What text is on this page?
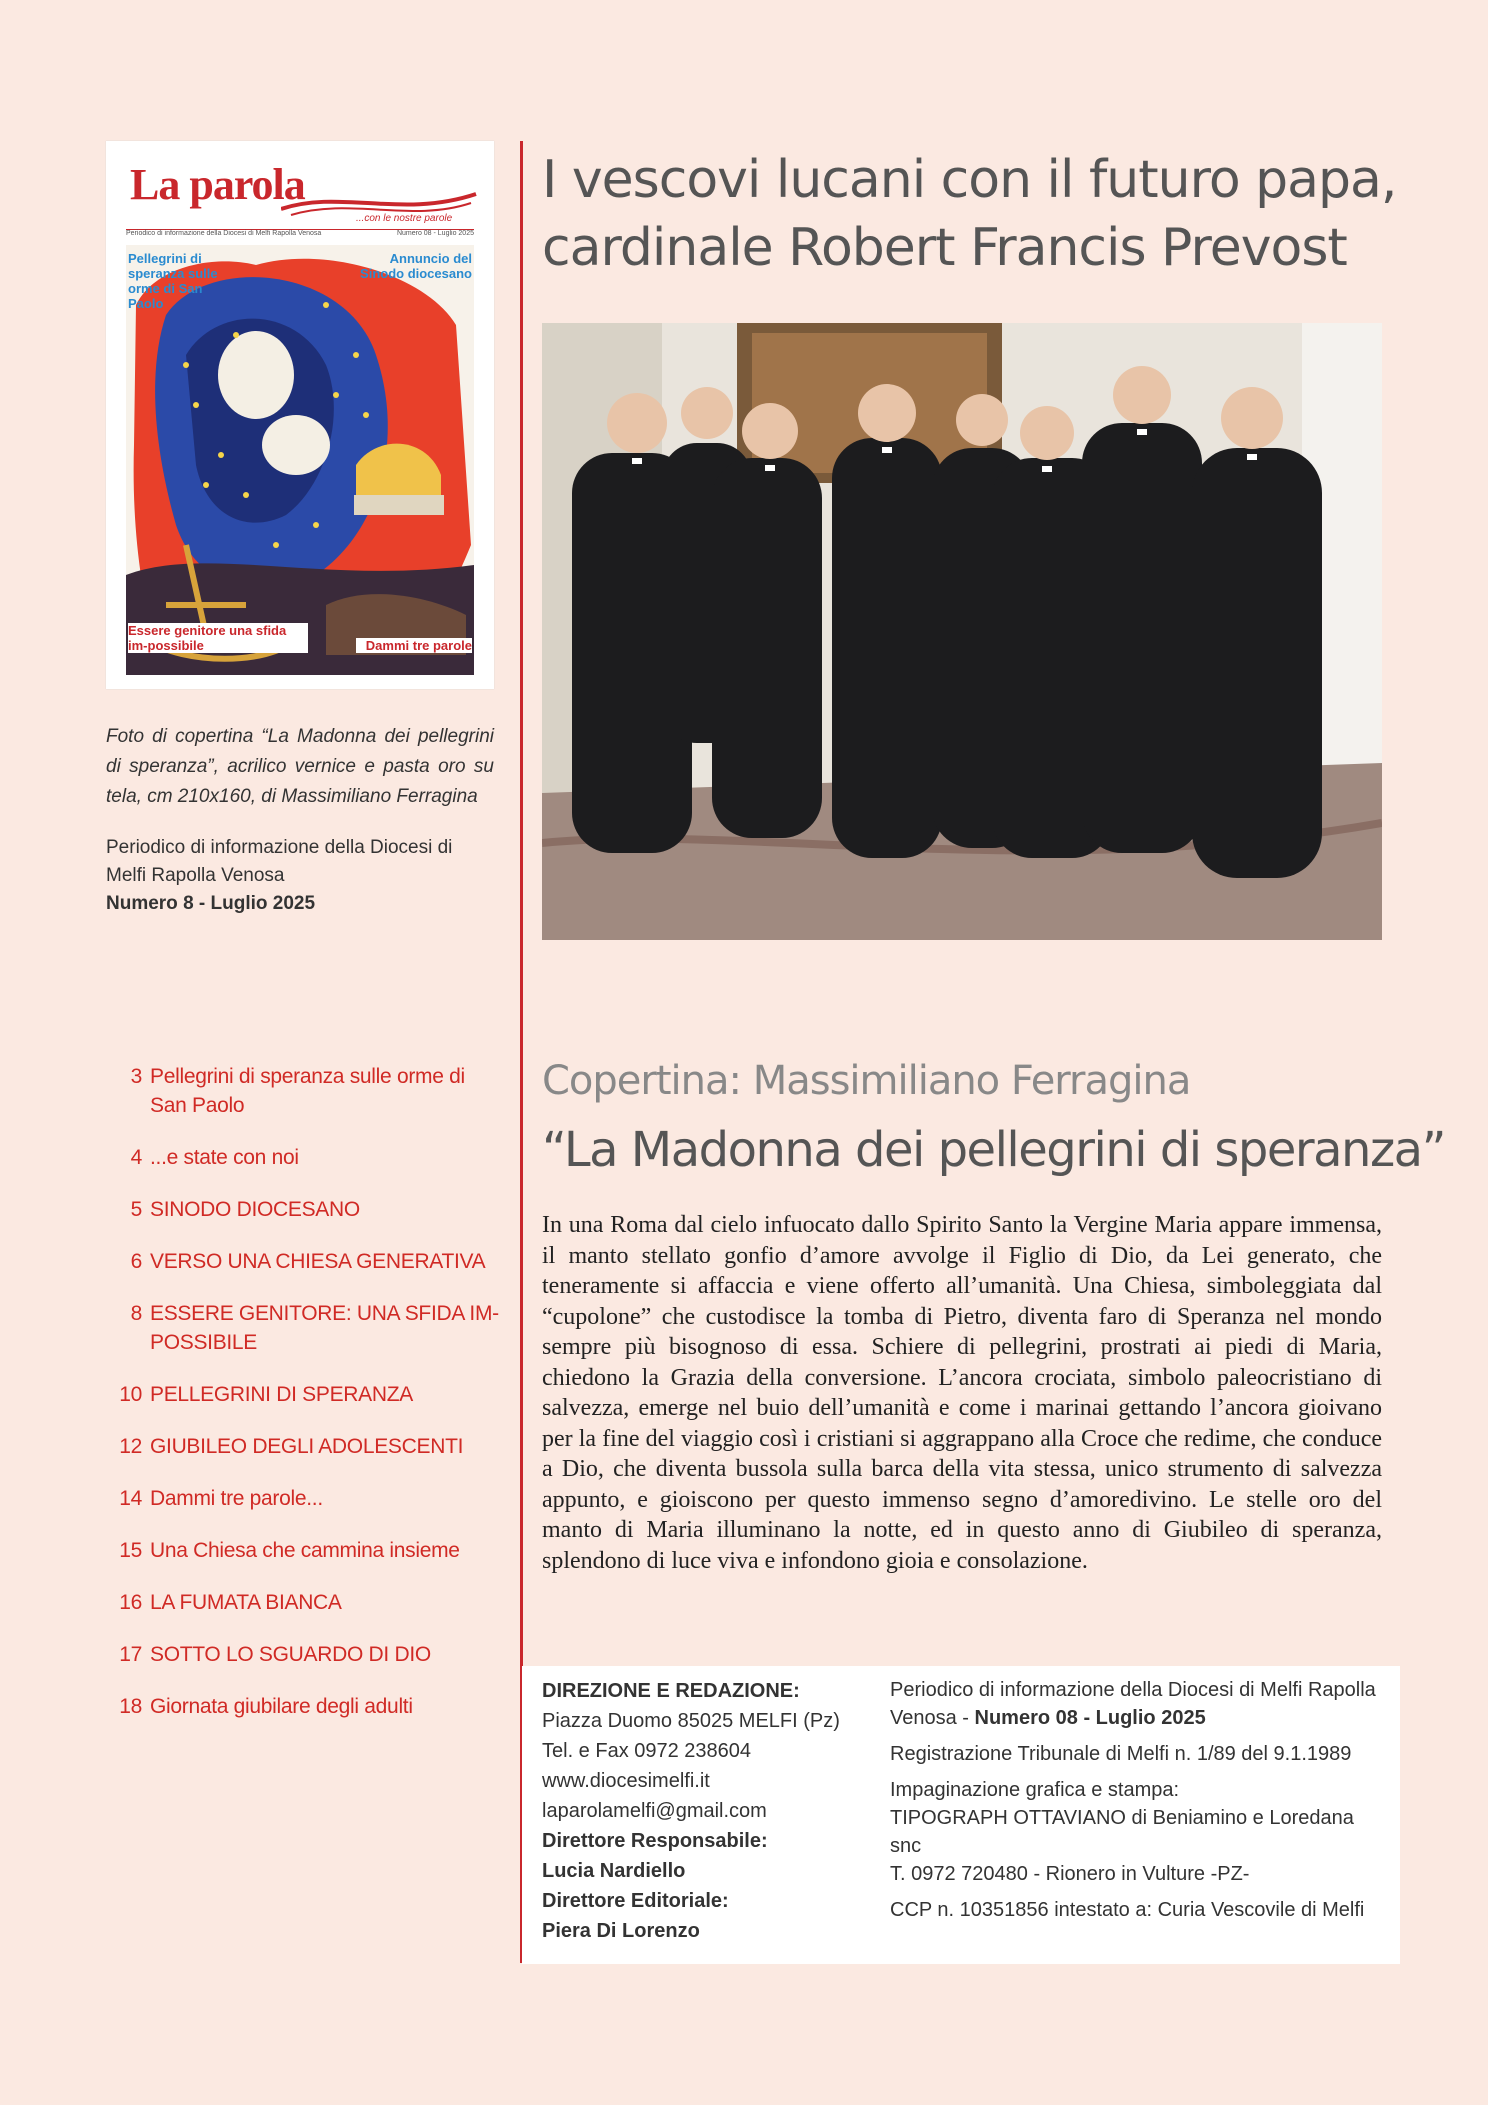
La parola
...con le nostre parole
Periodico di informazione della Diocesi di Melfi Rapolla Venosa	Numero 08 - Luglio 2025
Pellegrini di speranza sulle orme di San Paolo
Annuncio del Sinodo diocesano
Essere genitore una sfida im-possibile	Dammi tre parole
I vescovi lucani con il futuro papa,
cardinale Robert Francis Prevost
Foto di copertina “La Madonna dei pellegrini di speranza”, acrilico vernice e pasta oro su tela, cm 210x160, di Massimiliano Ferragina
Periodico di informazione della Diocesi di Melfi Rapolla Venosa
Numero 8 - Luglio 2025
3 Pellegrini di speranza sulle orme di San Paolo
4 ...e state con noi
5 SINODO DIOCESANO
6 VERSO UNA CHIESA GENERATIVA
8 ESSERE GENITORE: UNA SFIDA IM-POSSIBILE
10 PELLEGRINI DI SPERANZA
12 GIUBILEO DEGLI ADOLESCENTI
14 Dammi tre parole...
15 Una Chiesa che cammina insieme
16 LA FUMATA BIANCA
17 SOTTO LO SGUARDO DI DIO
18 Giornata giubilare degli adulti
Copertina: Massimiliano Ferragina
“La Madonna dei pellegrini di speranza”

In una Roma dal cielo infuocato dallo Spirito Santo la Vergine Maria appare immensa, il manto stellato gonfio d’amore avvolge il Figlio di Dio, da Lei generato, che teneramente si affaccia e viene offerto all’umanità. Una Chiesa, simboleggiata dal “cupolone” che custodisce la tomba di Pietro, diventa faro di Speranza nel mondo sempre più bisognoso di essa. Schiere di pellegrini, prostrati ai piedi di Maria, chiedono la Grazia della conversione. L’ancora crociata, simbolo paleocristiano di salvezza, emerge nel buio dell’umanità e come i marinai gettando l’ancora gioivano per la fine del viaggio così i cristiani si aggrappano alla Croce che redime, che conduce a Dio, che diventa bussola sulla barca della vita stessa, unico strumento di salvezza appunto, e gioiscono per questo immenso segno d’amoredivino. Le stelle oro del manto di Maria illuminano la notte, ed in questo anno di Giubileo di speranza, splendono di luce viva e infondono gioia e consolazione.

DIREZIONE E REDAZIONE:
Piazza Duomo 85025 MELFI (Pz)
Tel. e Fax 0972 238604
www.diocesimelfi.it
laparolamelfi@gmail.com
Direttore Responsabile:
Lucia Nardiello
Direttore Editoriale:
Piera Di Lorenzo

Periodico di informazione della Diocesi di Melfi Rapolla Venosa - Numero 08 - Luglio 2025

Registrazione Tribunale di Melfi n. 1/89 del 9.1.1989

Impaginazione grafica e stampa:
TIPOGRAPH OTTAVIANO di Beniamino e Loredana snc
T. 0972 720480 - Rionero in Vulture -PZ-

CCP n. 10351856 intestato a: Curia Vescovile di Melfi
